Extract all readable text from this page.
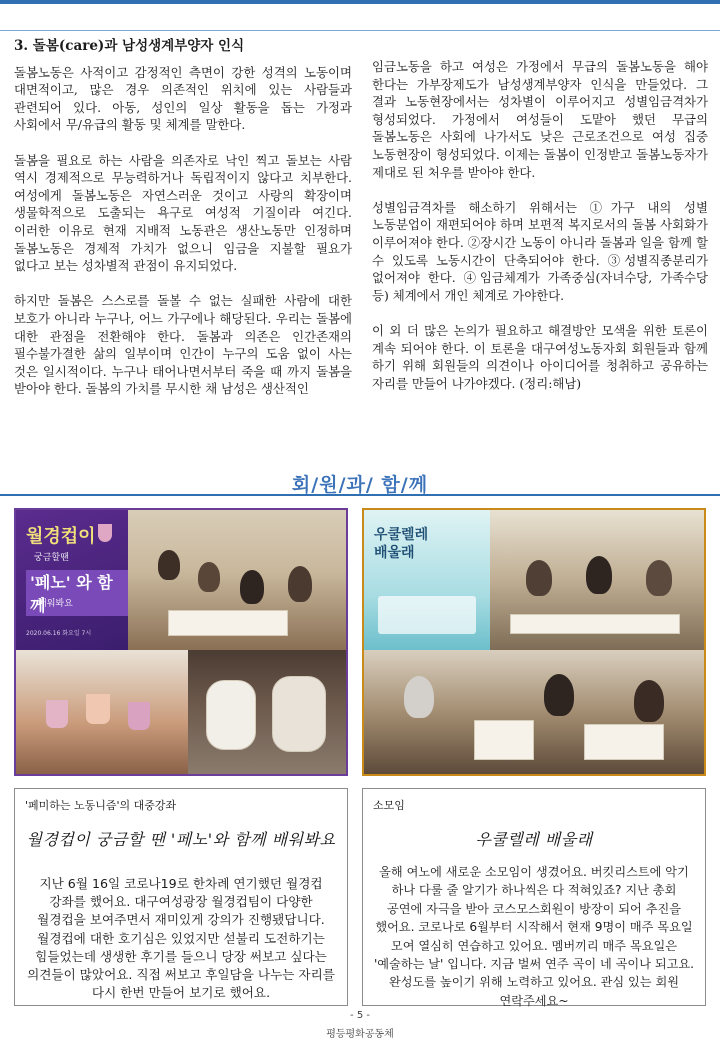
3. 돌봄(care)과 남성생계부양자 인식

돌봄노동은 사적이고 감정적인 측면이 강한 성격의 노동이며 대면적이고, 많은 경우 의존적인 위치에 있는 사람들과 관련되어 있다. 아동, 성인의 일상 활동을 돕는 가정과 사회에서 무/유급의 활동 및 체계를 말한다.

돌봄을 필요로 하는 사람을 의존자로 낙인 찍고 돌보는 사람 역시 경제적으로 무능력하거나 독립적이지 않다고 치부한다. 여성에게 돌봄노동은 자연스러운 것이고 사랑의 확장이며 생물학적으로 도출되는 욕구로 여성적 기질이라 여긴다. 이러한 이유로 현재 지배적 노동관은 생산노동만 인정하며 돌봄노동은 경제적 가치가 없으니 임금을 지불할 필요가 없다고 보는 성차별적 관점이 유지되었다.

하지만 돌봄은 스스로를 돌볼 수 없는 실패한 사람에 대한 보호가 아니라 누구나, 어느 가구에나 해당된다. 우리는 돌봄에 대한 관점을 전환해야 한다. 돌봄과 의존은 인간존재의 필수불가결한 삶의 일부이며 인간이 누구의 도움 없이 사는 것은 일시적이다. 누구나 태어나면서부터 죽을 때 까지 돌봄을 받아야 한다. 돌봄의 가치를 무시한 채 남성은 생산적인

임금노동을 하고 여성은 가정에서 무급의 돌봄노동을 해야 한다는 가부장제도가 남성생계부양자 인식을 만들었다. 그 결과 노동현장에서는 성차별이 이루어지고 성별임금격차가 형성되었다. 가정에서 여성들이 도맡아 했던 무급의 돌봄노동은 사회에 나가서도 낮은 근로조건으로 여성 집중 노동현장이 형성되었다. 이제는 돌봄이 인정받고 돌봄노동자가 제대로 된 처우를 받아야 한다.

성별임금격차를 해소하기 위해서는 ①가구 내의 성별 노동분업이 재편되어야 하며 보편적 복지로서의 돌봄 사회화가 이루어져야 한다. ②장시간 노동이 아니라 돌봄과 일을 함께 할 수 있도록 노동시간이 단축되어야 한다. ③성별직종분리가 없어져야 한다. ④임금체계가 가족중심(자녀수당, 가족수당 등) 체계에서 개인 체계로 가야한다.

이 외 더 많은 논의가 필요하고 해결방안 모색을 위한 토론이 계속 되어야 한다. 이 토론을 대구여성노동자회 회원들과 함께 하기 위해 회원들의 의견이나 아이디어를 청취하고 공유하는 자리를 만들어 나가야겠다. (정리:해남)

회/원/과/ 함/께
월경컵이
궁금할땐
'페노' 와 함께
배워봐요
2020.06.16 화요일 7시
우쿨렐레
배울래
'페미하는 노동니즘'의 대중강좌
월경컵이 궁금할 땐 '페노'와 함께 배워봐요
지난 6월 16일 코로나19로 한차례 연기했던 월경컵 강좌를 했어요. 대구여성광장 월경컵팀이 다양한 월경컵을 보여주면서 재미있게 강의가 진행됐답니다. 월경컵에 대한 호기심은 있었지만 섣불리 도전하기는 힘들었는데 생생한 후기를 들으니 당장 써보고 싶다는 의견들이 많았어요. 직접 써보고 후일담을 나누는 자리를 다시 한번 만들어 보기로 했어요.
소모임
우쿨렐레 배울래
올해 여노에 새로운 소모임이 생겼어요. 버킷리스트에 악기 하나 다룰 줄 알기가 하나씩은 다 적혀있죠? 지난 총회 공연에 자극을 받아 코스모스회원이 방장이 되어 추진을 했어요. 코로나로 6월부터 시작해서 현재 9명이 매주 목요일 모여 열심히 연습하고 있어요. 멤버끼리 매주 목요일은 '예술하는 날' 입니다. 지금 벌써 연주 곡이 네 곡이나 되고요. 완성도를 높이기 위해 노력하고 있어요. 관심 있는 회원 연락주세요~
- 5 -
평등평화공동체
